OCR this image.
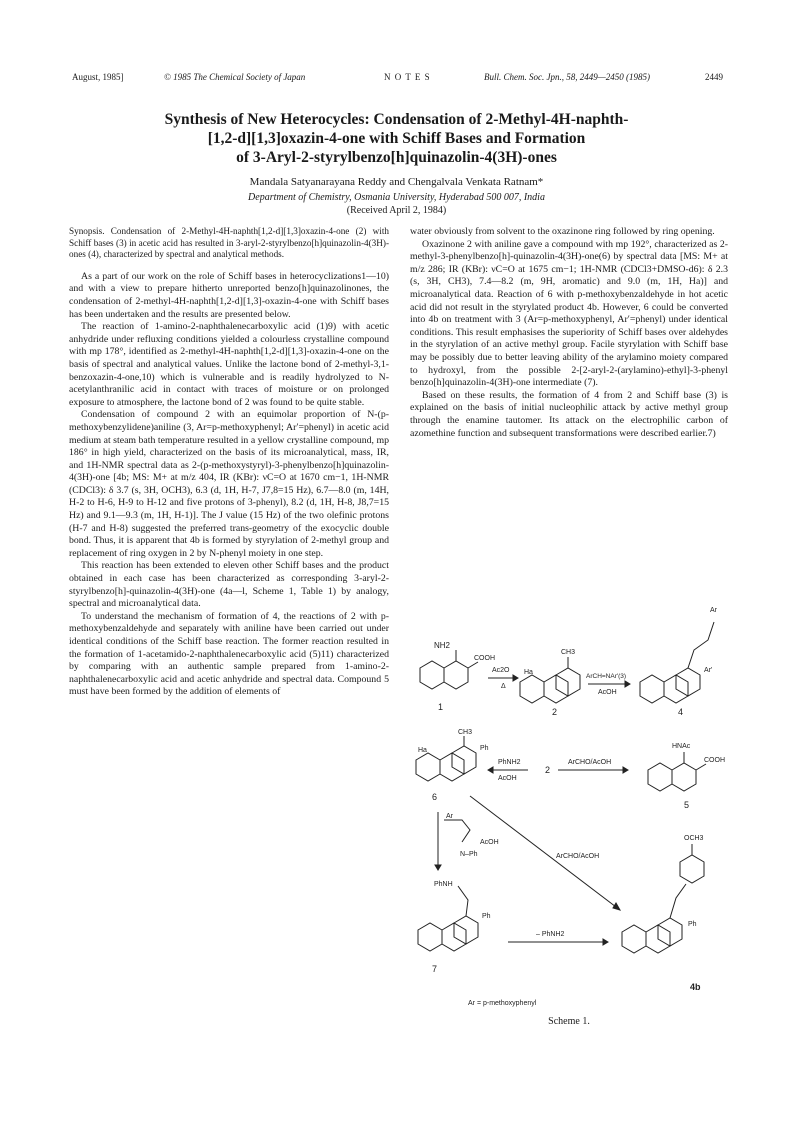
August, 1985]	© 1985 The Chemical Society of Japan	N O T E S	Bull. Chem. Soc. Jpn., 58, 2449—2450 (1985)	2449
Synthesis of New Heterocycles: Condensation of 2-Methyl-4H-naphth-
[1,2-d][1,3]oxazin-4-one with Schiff Bases and Formation
of 3-Aryl-2-styrylbenzo[h]quinazolin-4(3H)-ones
Mandala Satyanarayana Reddy and Chengalvala Venkata Ratnam*
Department of Chemistry, Osmania University, Hyderabad 500 007, India
(Received April 2, 1984)

Synopsis. Condensation of 2-Methyl-4H-naphth[1,2-d][1,3]oxazin-4-one (2) with Schiff bases (3) in acetic acid has resulted in 3-aryl-2-styrylbenzo[h]quinazolin-4(3H)-ones (4), characterized by spectral and analytical methods.

As a part of our work on the role of Schiff bases in heterocyclizations1—10) and with a view to prepare hitherto unreported benzo[h]quinazolinones, the condensation of 2-methyl-4H-naphth[1,2-d][1,3]-oxazin-4-one with Schiff bases has been undertaken and the results are presented below.

The reaction of 1-amino-2-naphthalenecarboxylic acid (1)9) with acetic anhydride under refluxing conditions yielded a colourless crystalline compound with mp 178°, identified as 2-methyl-4H-naphth[1,2-d][1,3]-oxazin-4-one on the basis of spectral and analytical values. Unlike the lactone bond of 2-methyl-3,1-benzoxazin-4-one,10) which is vulnerable and is readily hydrolyzed to N-acetylanthranilic acid in contact with traces of moisture or on prolonged exposure to atmosphere, the lactone bond of 2 was found to be quite stable.

Condensation of compound 2 with an equimolar proportion of N-(p-methoxybenzylidene)aniline (3, Ar=p-methoxyphenyl; Ar′=phenyl) in acetic acid medium at steam bath temperature resulted in a yellow crystalline compound, mp 186° in high yield, characterized on the basis of its microanalytical, mass, IR, and 1H-NMR spectral data as 2-(p-methoxystyryl)-3-phenylbenzo[h]quinazolin-4(3H)-one [4b; MS: M+ at m/z 404, IR (KBr): νC=O at 1670 cm−1, 1H-NMR (CDCl3): δ 3.7 (s, 3H, OCH3), 6.3 (d, 1H, H-7, J7,8=15 Hz), 6.7—8.0 (m, 14H, H-2 to H-6, H-9 to H-12 and five protons of 3-phenyl), 8.2 (d, 1H, H-8, J8,7=15 Hz) and 9.1—9.3 (m, 1H, H-1)]. The J value (15 Hz) of the two olefinic protons (H-7 and H-8) suggested the preferred trans-geometry of the exocyclic double bond. Thus, it is apparent that 4b is formed by styrylation of 2-methyl group and replacement of ring oxygen in 2 by N-phenyl moiety in one step.

This reaction has been extended to eleven other Schiff bases and the product obtained in each case has been characterized as corresponding 3-aryl-2-styrylbenzo[h]-quinazolin-4(3H)-one (4a—l, Scheme 1, Table 1) by analogy, spectral and microanalytical data.

To understand the mechanism of formation of 4, the reactions of 2 with p-methoxybenzaldehyde and separately with aniline have been carried out under identical conditions of the Schiff base reaction. The former reaction resulted in the formation of 1-acetamido-2-naphthalenecarboxylic acid (5)11) characterized by comparing with an authentic sample prepared from 1-amino-2-naphthalenecarboxylic acid and acetic anhydride and spectral data. Compound 5 must have been formed by the addition of elements of

water obviously from solvent to the oxazinone ring followed by ring opening.

Oxazinone 2 with aniline gave a compound with mp 192°, characterized as 2-methyl-3-phenylbenzo[h]-quinazolin-4(3H)-one(6) by spectral data [MS: M+ at m/z 286; IR (KBr): νC=O at 1675 cm−1; 1H-NMR (CDCl3+DMSO-d6): δ 2.3 (s, 3H, CH3), 7.4—8.2 (m, 9H, aromatic) and 9.0 (m, 1H, Ha)] and microanalytical data. Reaction of 6 with p-methoxybenzaldehyde in hot acetic acid did not result in the styrylated product 4b. However, 6 could be converted into 4b on treatment with 3 (Ar=p-methoxyphenyl, Ar′=phenyl) under identical conditions. This result emphasises the superiority of Schiff bases over aldehydes in the styrylation of an active methyl group. Facile styrylation with Schiff base may be possibly due to better leaving ability of the arylamino moiety compared to hydroxyl, from the possible 2-[2-aryl-2-(arylamino)-ethyl]-3-phenyl benzo[h]quinazolin-4(3H)-one intermediate (7).

Based on these results, the formation of 4 from 2 and Schiff base (3) is explained on the basis of initial nucleophilic attack by active methyl group through the enamine tautomer. Its attack on the electrophilic carbon of azomethine function and subsequent transformations were described earlier.7)

NH2
COOH
1
Ac2O
Δ
CH3
Ha
2
ArCH=NAr'(3)
AcOH
Ar
Ar'
4
CH3
Ph
Ha
6
PhNH2
AcOH
2
ArCHO/AcOH
HNAc
COOH
5
Ar
N–Ph
AcOH
ArCHO/AcOH
PhNH
Ph
7
– PhNH2
OCH3
Ph
4b
Ar = p-methoxyphenyl
Scheme 1.
